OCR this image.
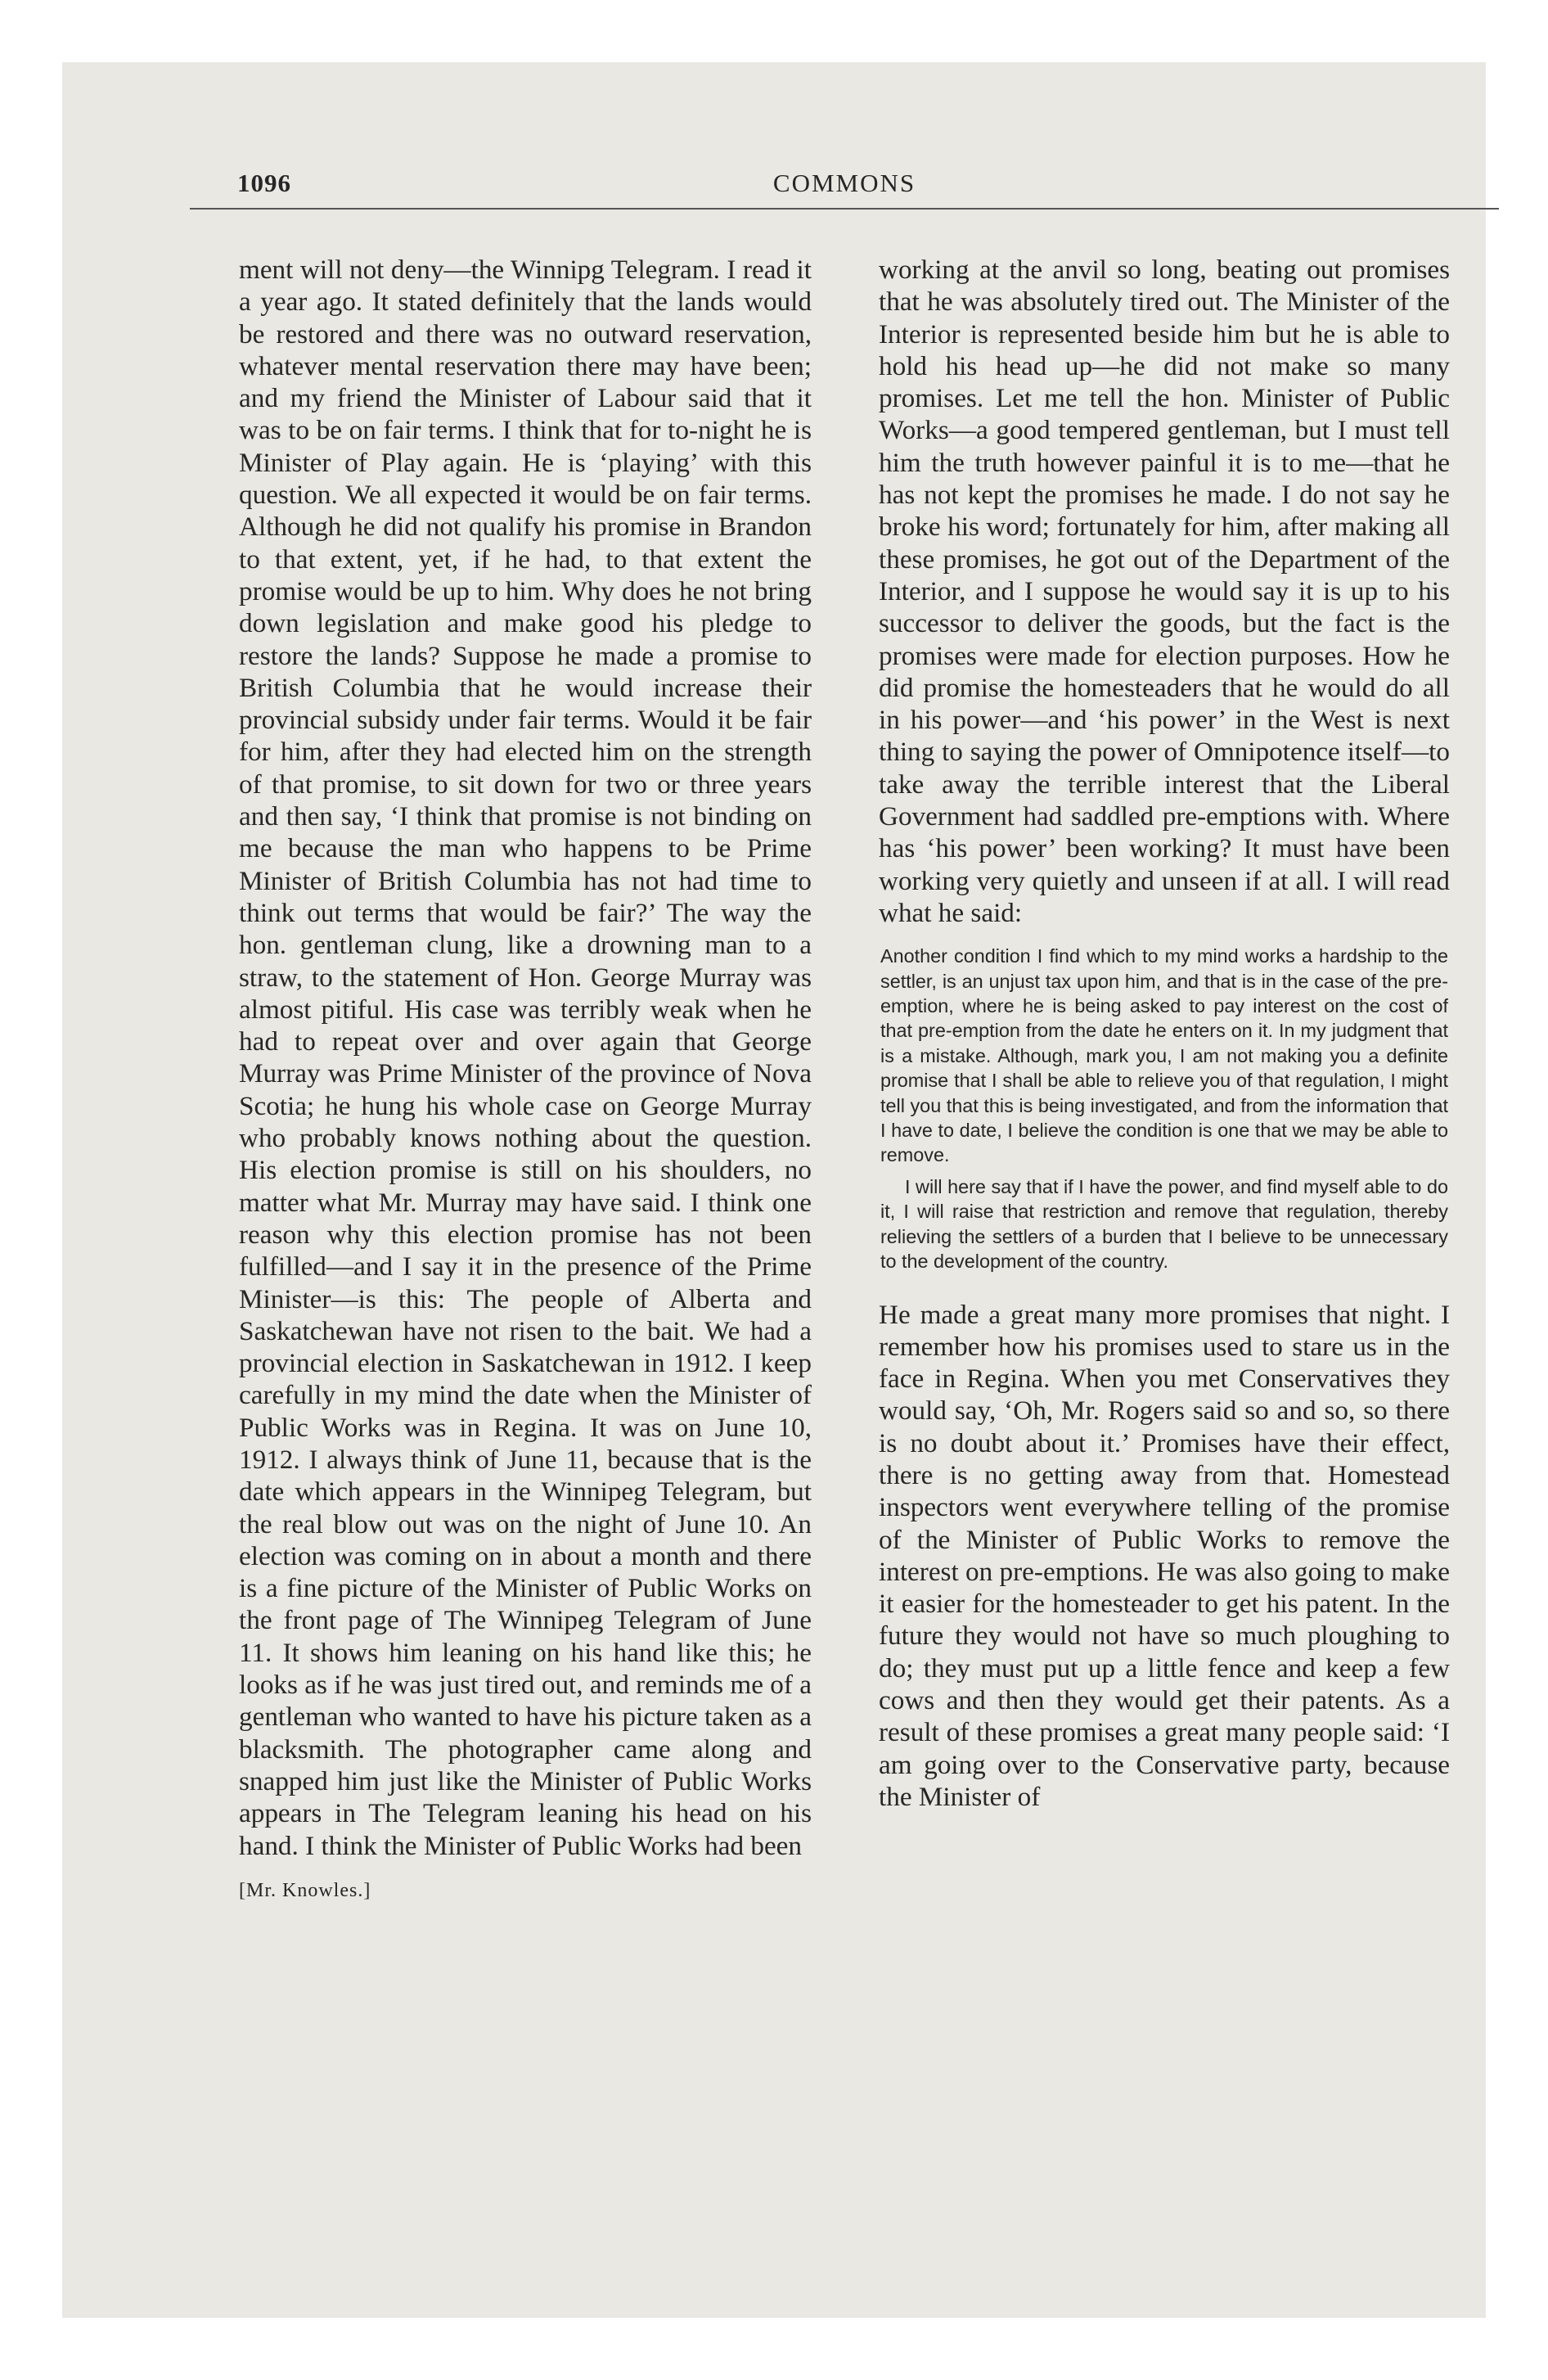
1096	COMMONS

ment will not deny—the Winnipg Telegram. I read it a year ago. It stated definitely that the lands would be restored and there was no outward reservation, whatever mental reservation there may have been; and my friend the Minister of Labour said that it was to be on fair terms. I think that for to-night he is Minister of Play again. He is ‘playing’ with this question. We all expected it would be on fair terms. Although he did not qualify his promise in Brandon to that extent, yet, if he had, to that extent the promise would be up to him. Why does he not bring down legislation and make good his pledge to restore the lands? Suppose he made a promise to British Columbia that he would increase their provincial subsidy under fair terms. Would it be fair for him, after they had elected him on the strength of that promise, to sit down for two or three years and then say, ‘I think that promise is not binding on me because the man who happens to be Prime Minister of British Columbia has not had time to think out terms that would be fair?’ The way the hon. gentleman clung, like a drowning man to a straw, to the statement of Hon. George Murray was almost pitiful. His case was terribly weak when he had to repeat over and over again that George Murray was Prime Minister of the province of Nova Scotia; he hung his whole case on George Murray who probably knows nothing about the question. His election promise is still on his shoulders, no matter what Mr. Murray may have said. I think one reason why this election promise has not been fulfilled—and I say it in the presence of the Prime Minister—is this: The people of Alberta and Saskatchewan have not risen to the bait. We had a provincial election in Saskatchewan in 1912. I keep carefully in my mind the date when the Minister of Public Works was in Regina. It was on June 10, 1912. I always think of June 11, because that is the date which appears in the Winnipeg Telegram, but the real blow out was on the night of June 10. An election was coming on in about a month and there is a fine picture of the Minister of Public Works on the front page of The Winnipeg Telegram of June 11. It shows him leaning on his hand like this; he looks as if he was just tired out, and reminds me of a gentleman who wanted to have his picture taken as a blacksmith. The photographer came along and snapped him just like the Minister of Public Works appears in The Telegram leaning his head on his hand. I think the Minister of Public Works had been

[Mr. Knowles.]

working at the anvil so long, beating out promises that he was absolutely tired out. The Minister of the Interior is represented beside him but he is able to hold his head up—he did not make so many promises. Let me tell the hon. Minister of Public Works—a good tempered gentleman, but I must tell him the truth however painful it is to me—that he has not kept the promises he made. I do not say he broke his word; fortunately for him, after making all these promises, he got out of the Department of the Interior, and I suppose he would say it is up to his successor to deliver the goods, but the fact is the promises were made for election purposes. How he did promise the homesteaders that he would do all in his power—and ‘his power’ in the West is next thing to saying the power of Omnipotence itself—to take away the terrible interest that the Liberal Government had saddled pre-emptions with. Where has ‘his power’ been working? It must have been working very quietly and unseen if at all. I will read what he said:

Another condition I find which to my mind works a hardship to the settler, is an unjust tax upon him, and that is in the case of the pre-emption, where he is being asked to pay interest on the cost of that pre-emption from the date he enters on it. In my judgment that is a mistake. Although, mark you, I am not making you a definite promise that I shall be able to relieve you of that regulation, I might tell you that this is being investigated, and from the information that I have to date, I believe the condition is one that we may be able to remove.

I will here say that if I have the power, and find myself able to do it, I will raise that restriction and remove that regulation, thereby relieving the settlers of a burden that I believe to be unnecessary to the development of the country.

He made a great many more promises that night. I remember how his promises used to stare us in the face in Regina. When you met Conservatives they would say, ‘Oh, Mr. Rogers said so and so, so there is no doubt about it.’ Promises have their effect, there is no getting away from that. Homestead inspectors went everywhere telling of the promise of the Minister of Public Works to remove the interest on pre-emptions. He was also going to make it easier for the homesteader to get his patent. In the future they would not have so much ploughing to do; they must put up a little fence and keep a few cows and then they would get their patents. As a result of these promises a great many people said: ‘I am going over to the Conservative party, because the Minister of
